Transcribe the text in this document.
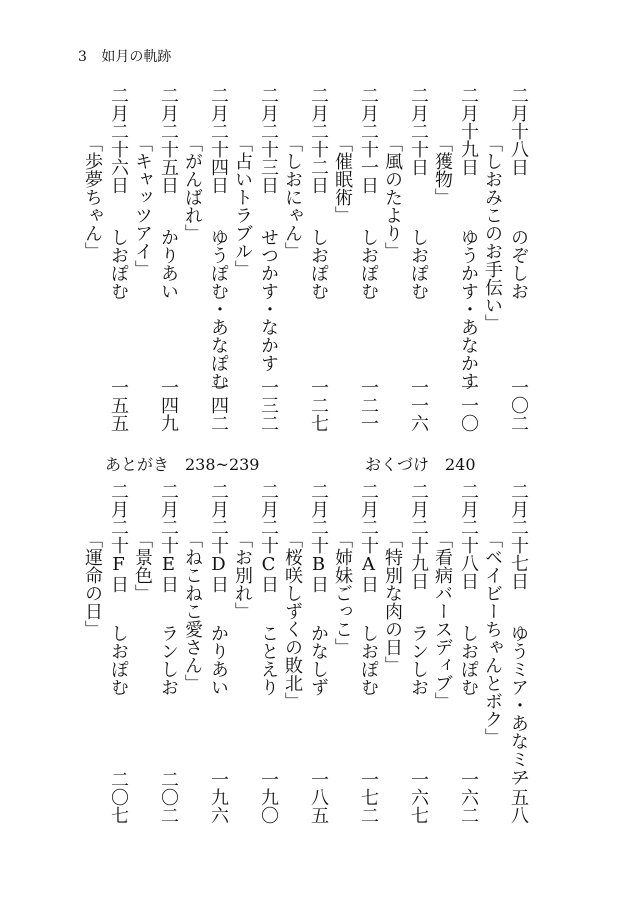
3 如月の軌跡
二月十八日
「しおみこのお手伝い」 のぞしお
一〇二
二月十九日
「獲物」
ゆうかす・あなかす
一一〇
二月二十日
「風のたより」
しおぽむ
一一六
二月二十一日
「催眠術」
しおぽむ
一二一
二月二十二日
「しおにゃん」
しおぽむ
一二七
二月二十三日
「占いトラブル」
せつかす・なかす
一三二
二月二十四日
「がんばれ」
ゆうぽむ・あなぽむ
一四二
二月二十五日
「キャッツアイ」 かりあい
一四九
二月二十六日
「歩夢ちゃん」
しおぽむ
一五五
二月二十七日
「ベイビーちゃんとボク」 ゆうミア・あなミア
一五八
二月二十八日
「看病バースディブ」 しおぽむ
一六二
二月二十九日
「特別な肉の日」 ランしお
一六七
二月二十A日
「姉妹ごっこ」
しおぽむ
一七二
二月二十B日
「桜咲しずくの敗北」 かなしず
一八五
二月二十C日
「お別れ」
ことえり
一九〇
二月二十D日
「ねこねこ愛さん」 かりあい
一九六
二月二十E日
「景色」
ランしお
二〇二
二月二十F日
「運命の日」
しおぽむ
二〇七
おくづけ　240
あとがき　238~239
